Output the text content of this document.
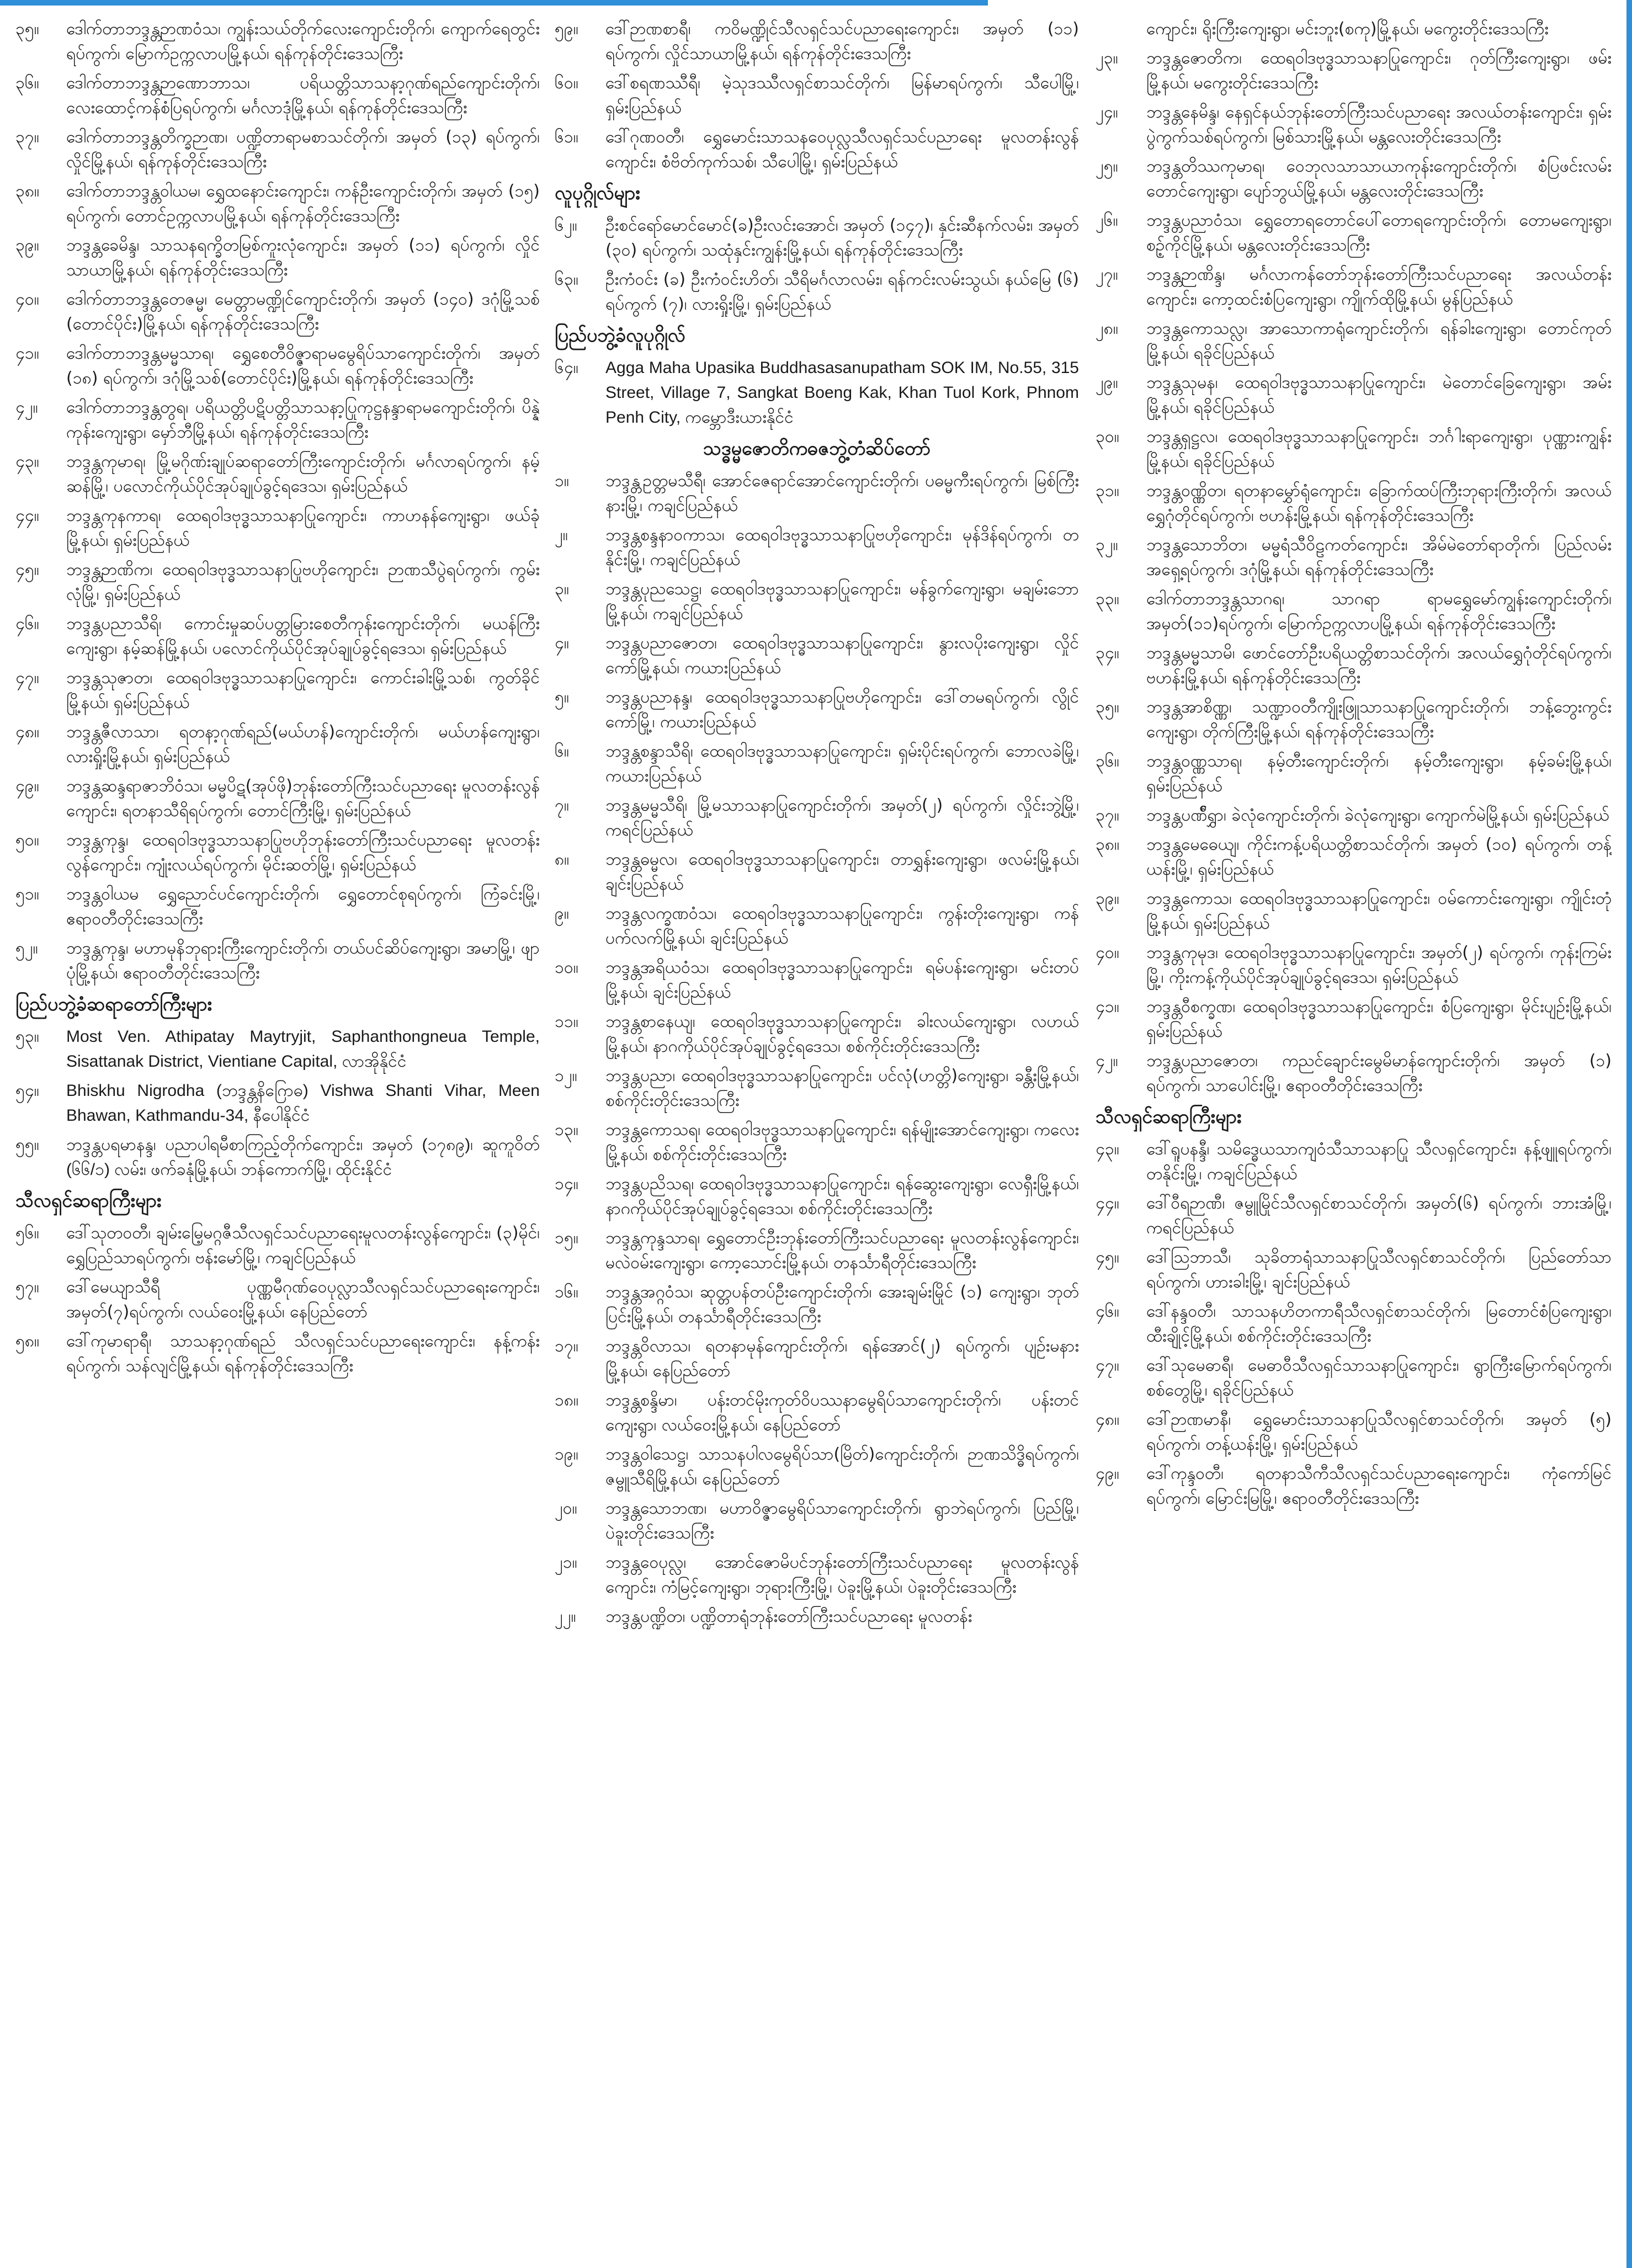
၃၅။	ဒေါက်တာဘဒ္ဒန္တဉာဏဝံသ၊ ကျွန်းသယ်တိုက်လေးကျောင်းတိုက်၊ ကျောက်ရေတွင်းရပ်ကွက်၊ မြောက်ဥက္ကလာပမြို့နယ်၊ ရန်ကုန်တိုင်းဒေသကြီး
၃၆။	ဒေါက်တာဘဒ္ဒန္တဉာဏောဘာသ၊ ပရိယတ္တိသာသနာ့ဂုဏ်ရည်ကျောင်းတိုက်၊ လေးထောင့်ကန်စံပြရပ်ကွက်၊ မင်္ဂလာဒုံမြို့နယ်၊ ရန်ကုန်တိုင်းဒေသကြီး
၃၇။	ဒေါက်တာဘဒ္ဒန္တတိက္ခဉာဏ၊ ပဏ္ဍိတာရာမစာသင်တိုက်၊ အမှတ် (၁၃) ရပ်ကွက်၊ လှိုင်မြို့နယ်၊ ရန်ကုန်တိုင်းဒေသကြီး
၃၈။	ဒေါက်တာဘဒ္ဒန္တဝါယမ၊ ရွှေထနောင်းကျောင်း၊ ကန်ဦးကျောင်းတိုက်၊ အမှတ် (၁၅) ရပ်ကွက်၊ တောင်ဥက္ကလာပမြို့နယ်၊ ရန်ကုန်တိုင်းဒေသကြီး
၃၉။	ဘဒ္ဒန္တခေမိန္ဒ၊ သာသနရက္ခိတမြစ်ကူးလုံကျောင်း၊ အမှတ် (၁၁) ရပ်ကွက်၊ လှိုင်သာယာမြို့နယ်၊ ရန်ကုန်တိုင်းဒေသကြီး
၄၀။	ဒေါက်တာဘဒ္ဒန္တတေဇမ္မ၊ မေတ္တာမဏ္ဍိုင်ကျောင်းတိုက်၊ အမှတ် (၁၄၀) ဒဂုံမြို့သစ် (တောင်ပိုင်း)မြို့နယ်၊ ရန်ကုန်တိုင်းဒေသကြီး
၄၁။	ဒေါက်တာဘဒ္ဒန္တမမ္မသာရ၊ ရွှေစေတီဝိဇ္ဇာရာမမွေရိပ်သာကျောင်းတိုက်၊ အမှတ် (၁၈) ရပ်ကွက်၊ ဒဂုံမြို့သစ်(တောင်ပိုင်း)မြို့နယ်၊ ရန်ကုန်တိုင်းဒေသကြီး
၄၂။	ဒေါက်တာဘဒ္ဒန္တတွရ၊ ပရိယတ္တိပဋိပတ္တိသာသနာ့ပြုကုဋ္ဌနန္ဒာရာမကျောင်းတိုက်၊ ပိန္နဲကုန်းကျေးရွာ၊ မှော်ဘီမြို့နယ်၊ ရန်ကုန်တိုင်းဒေသကြီး
၄၃။	ဘဒ္ဒန္တကုမာရ၊ မြို့မဂိုဏ်းချုပ်ဆရာတော်ကြီးကျောင်းတိုက်၊ မင်္ဂလာရပ်ကွက်၊ နမ့်ဆန်မြို့၊ ပလောင်ကိုယ်ပိုင်အုပ်ချုပ်ခွင့်ရဒေသ၊ ရှမ်းပြည်နယ်
၄၄။	ဘဒ္ဒန္တကုနကာရ၊ ထေရဝါဒဗုဒ္ဓသာသနာပြုကျောင်း၊ ကာဟနန်ကျေးရွာ၊ ဖယ်ခုံမြို့နယ်၊ ရှမ်းပြည်နယ်
၄၅။	ဘဒ္ဒန္တဉာဏိက၊ ထေရဝါဒဗုဒ္ဓသာသနာပြုဗဟိုကျောင်း၊ ဉာဏသီပွဲရပ်ကွက်၊ ကွမ်းလုံမြို့၊ ရှမ်းပြည်နယ်
၄၆။	ဘဒ္ဒန္တပညာသီရိ၊ ကောင်းမှုဆပ်ပတ္တမြားစေတီကုန်းကျောင်းတိုက်၊ မယန်ကြီးကျေးရွာ၊ နမ့်ဆန်မြို့နယ်၊ ပလောင်ကိုယ်ပိုင်အုပ်ချုပ်ခွင့်ရဒေသ၊ ရှမ်းပြည်နယ်
၄၇။	ဘဒ္ဒန္တသုဇာတ၊ ထေရဝါဒဗုဒ္ဓသာသနာပြုကျောင်း၊ ကောင်းခါးမြို့သစ်၊ ကွတ်ခိုင်မြို့နယ်၊ ရှမ်းပြည်နယ်
၄၈။	ဘဒ္ဒန္တဇီလာသာ၊ ရတနာ့ဂုဏ်ရည်(မယ်ဟန်)ကျောင်းတိုက်၊ မယ်ဟန်ကျေးရွာ၊ လားရှိုးမြို့နယ်၊ ရှမ်းပြည်နယ်
၄၉။	ဘဒ္ဒန္တဆန္ဒရာဇာဘိဝံသ၊ မမ္မပိဋ(အုပ်ဖို)ဘုန်းတော်ကြီးသင်ပညာရေး မူလတန်းလွန်ကျောင်း၊ ရတနာသီရိရပ်ကွက်၊ တောင်ကြီးမြို့၊ ရှမ်းပြည်နယ်
၅၀။	ဘဒ္ဒန္တကုန္ဒ၊ ထေရဝါဒဗုဒ္ဓသာသနာပြုဗဟိုဘုန်းတော်ကြီးသင်ပညာရေး မူလတန်းလွန်ကျောင်း၊ ကျုံးလယ်ရပ်ကွက်၊ မိုင်းဆတ်မြို့၊ ရှမ်းပြည်နယ်
၅၁။	ဘဒ္ဒန္တဝါယမ ရွှေညောင်ပင်ကျောင်းတိုက်၊ ရွှေတောင်စုရပ်ကွက်၊ ကြံခင်းမြို့၊ ဧရာဝတီတိုင်းဒေသကြီး
၅၂။	ဘဒ္ဒန္တကုန္ဒ၊ မဟာမုနိဘုရားကြီးကျောင်းတိုက်၊ တယ်ပင်ဆိပ်ကျေးရွာ၊ အမာမြို့၊ ဖျာပုံမြို့နယ်၊ ဧရာဝတီတိုင်းဒေသကြီး
ပြည်ပဘွဲ့ခံဆရာတော်ကြီးများ
၅၃။	Most Ven. Athipatay Maytryjit, Saphanthongneua Temple, Sisattanak District, Vientiane Capital, လာအိုနိုင်ငံ
၅၄။	Bhiskhu Nigrodha (ဘဒ္ဒန္တနိဂြောဓ) Vishwa Shanti Vihar, Meen Bhawan, Kathmandu-34, နီပေါနိုင်ငံ
၅၅။	ဘဒ္ဒန္တပရမာနန္ဒ၊ ပညာပါရမီစာကြည့်တိုက်ကျောင်း၊ အမှတ် (၁၇၈၉)၊ ဆူကူဝိတ် (၆၆/၁) လမ်း၊ ဖက်ခနုံမြို့နယ်၊ ဘန်ကောက်မြို့၊ ထိုင်းနိုင်ငံ
သီလရှင်ဆရာကြီးများ
၅၆။	ဒေါ်သုတဝတီ၊ ချမ်းမြေ့မဂ္ဂဇီသီလရှင်သင်ပညာရေးမူလတန်းလွန်ကျောင်း၊ (၃)မိုင်၊ ရွှေပြည်သာရပ်ကွက်၊ ဗန်းမော်မြို့၊ ကချင်ပြည်နယ်
၅၇။	ဒေါ်မေယျာသီရီ ပုဏ္ဏမီဂုဏ်ဝေပုလ္လာသီလရှင်သင်ပညာရေးကျောင်း၊ အမှတ်(၇)ရပ်ကွက်၊ လယ်ဝေးမြို့နယ်၊ နေပြည်တော်
၅၈။	ဒေါ်ကုမာရာရီ၊ သာသနာ့ဂုဏ်ရည် သီလရှင်သင်ပညာရေးကျောင်း၊ နန့်ကန်းရပ်ကွက်၊ သန်လျင်မြို့နယ်၊ ရန်ကုန်တိုင်းဒေသကြီး
၅၉။	ဒေါ်ဉာဏစာရီ၊ ကဝိမဏ္ဍိုင်သီလရှင်သင်ပညာရေးကျောင်း၊ အမှတ် (၁၁) ရပ်ကွက်၊ လှိုင်သာယာမြို့နယ်၊ ရန်ကုန်တိုင်းဒေသကြီး
၆၀။	ဒေါ်စရဏဿီရီ၊ မဲ့သုဒဿီလရှင်စာသင်တိုက်၊ မြန်မာရပ်ကွက်၊ သီပေါမြို့၊ ရှမ်းပြည်နယ်
၆၁။	ဒေါ်ဂုဏဝတီ၊ ရွှေမောင်းသာသနဝေပုလ္လသီလရှင်သင်ပညာရေး မူလတန်းလွန်ကျောင်း၊ စံဗိတ်ကုက်သစ်၊ သီပေါမြို့၊ ရှမ်းပြည်နယ်
လူပုဂ္ဂိုလ်များ
၆၂။	ဦးစင်ရော်မောင်မောင်(ခ)ဦးလင်းအောင်၊ အမှတ် (၁၄၇)၊ နှင်းဆီနက်လမ်း၊ အမှတ် (၃၀) ရပ်ကွက်၊ သထုံနှင်းကျွန်းမြို့နယ်၊ ရန်ကုန်တိုင်းဒေသကြီး
၆၃။	ဦးကံဝင်း (ခ) ဦးကံဝင်းဟိတ်၊ သီရိမင်္ဂလာလမ်း၊ ရန်ကင်းလမ်းသွယ်၊ နယ်မြေ (၆) ရပ်ကွက် (၇)၊ လားရှိုးမြို့၊ ရှမ်းပြည်နယ်
ပြည်ပဘွဲ့ခံလူပုဂ္ဂိုလ်
၆၄။	Agga Maha Upasika Buddhasasanupatham SOK IM, No.55, 315 Street, Village 7, Sangkat Boeng Kak, Khan Tuol Kork, Phnom Penh City, ကမ္ဘောဒီးယားနိုင်ငံ
သဒ္ဓမ္မဇောတိကဓဇဘွဲ့တံဆိပ်တော်
၁။	ဘဒ္ဒန္တဥတ္တမသီရီ၊ အောင်ဇေရာင်အောင်ကျောင်းတိုက်၊ ပဓမ္မကီးရပ်ကွက်၊ မြစ်ကြီးနားမြို့၊ ကချင်ပြည်နယ်
၂။	ဘဒ္ဒန္တစန္ဒနာဝကာသ၊ ထေရဝါဒဗုဒ္ဓသာသနာပြုဗဟိုကျောင်း၊ မုန်ဒိန်ရပ်ကွက်၊ တနိုင်းမြို့၊ ကချင်ပြည်နယ်
၃။	ဘဒ္ဒန္တပုညသေဋ္ဌ၊ ထေရဝါဒဗုဒ္ဓသာသနာပြုကျောင်း၊ မန်ခွက်ကျေးရွာ၊ မချမ်းဘောမြို့နယ်၊ ကချင်ပြည်နယ်
၄။	ဘဒ္ဒန္တပညာဇောတ၊ ထေရဝါဒဗုဒ္ဓသာသနာပြုကျောင်း၊ နွားလပိုးကျေးရွာ၊ လှိုင်ကော်မြို့နယ်၊ ကယားပြည်နယ်
၅။	ဘဒ္ဒန္တပညာနန္ဒ၊ ထေရဝါဒဗုဒ္ဓသာသနာပြုဗဟိုကျောင်း၊ ဒေါ်တမရပ်ကွက်၊ လွိုင်ကော်မြို့၊ ကယားပြည်နယ်
၆။	ဘဒ္ဒန္တစန္ဒာသီရိ၊ ထေရဝါဒဗုဒ္ဓသာသနာပြုကျောင်း၊ ရှမ်းပိုင်းရပ်ကွက်၊ ဘောလခဲမြို့၊ ကယားပြည်နယ်
၇။	ဘဒ္ဒန္တမမ္မသီရိ၊ မြို့မသာသနာပြုကျောင်းတိုက်၊ အမှတ်(၂) ရပ်ကွက်၊ လှိုင်းဘွဲ့မြို့၊ ကရင်ပြည်နယ်
၈။	ဘဒ္ဒန္တဓမ္မလ၊ ထေရဝါဒဗုဒ္ဓသာသနာပြုကျောင်း၊ တာရွှန်းကျေးရွာ၊ ဖလမ်းမြို့နယ်၊ ချင်းပြည်နယ်
၉။	ဘဒ္ဒန္တလက္ခဏဝံသ၊ ထေရဝါဒဗုဒ္ဓသာသနာပြုကျောင်း၊ ကွန်းတိုးကျေးရွာ၊ ကန်ပက်လက်မြို့နယ်၊ ချင်းပြည်နယ်
၁၀။	ဘဒ္ဒန္တအရိယဝံသ၊ ထေရဝါဒဗုဒ္ဓသာသနာပြုကျောင်း၊ ရမ်ပန်းကျေးရွာ၊ မင်းတပ်မြို့နယ်၊ ချင်းပြည်နယ်
၁၁။	ဘဒ္ဒန္တစာနေယျ၊ ထေရဝါဒဗုဒ္ဓသာသနာပြုကျောင်း၊ ခါးလယ်ကျေးရွာ၊ လဟယ်မြို့နယ်၊ နာဂကိုယ်ပိုင်အုပ်ချုပ်ခွင့်ရဒေသ၊ စစ်ကိုင်းတိုင်းဒေသကြီး
၁၂။	ဘဒ္ဒန္တပညာ၊ ထေရဝါဒဗုဒ္ဓသာသနာပြုကျောင်း၊ ပင်လုံ(ဟတ္တိ)ကျေးရွာ၊ ခန္တီးမြို့နယ်၊ စစ်ကိုင်းတိုင်းဒေသကြီး
၁၃။	ဘဒ္ဒန္တကောသရ၊ ထေရဝါဒဗုဒ္ဓသာသနာပြုကျောင်း၊ ရန်မျိုးအောင်ကျေးရွာ၊ ကလေးမြို့နယ်၊ စစ်ကိုင်းတိုင်းဒေသကြီး
၁၄။	ဘဒ္ဒန္တပညိသရ၊ ထေရဝါဒဗုဒ္ဓသာသနာပြုကျောင်း၊ ရန်ဆွေးကျေးရွာ၊ လေရှီးမြို့နယ်၊ နာဂကိုယ်ပိုင်အုပ်ချုပ်ခွင့်ရဒေသ၊ စစ်ကိုင်းတိုင်းဒေသကြီး
၁၅။	ဘဒ္ဒန္တကုန္ဒသာရ၊ ရွှေတောင်ဦးဘုန်းတော်ကြီးသင်ပညာရေး မူလတန်းလွန်ကျောင်း၊ မလဲဝမ်းကျေးရွာ၊ ကော့သောင်းမြို့နယ်၊ တနင်္သာရီတိုင်းဒေသကြီး
၁၆။	ဘဒ္ဒန္တအဂ္ဂဝံသ၊ ဆုတ္တပန်တပ်ဦးကျောင်းတိုက်၊ အေးချမ်းမြိုင် (၁) ကျေးရွာ၊ ဘုတ်ပြင်းမြို့နယ်၊ တနင်္သာရီတိုင်းဒေသကြီး
၁၇။	ဘဒ္ဒန္တဝိလာသ၊ ရတနာမုန်ကျောင်းတိုက်၊ ရန်အောင်(၂) ရပ်ကွက်၊ ပျဉ်းမနားမြို့နယ်၊ နေပြည်တော်
၁၈။	ဘဒ္ဒန္တစန္ဒိမာ၊ ပန်းတင်မိုးကုတ်ဝိပဿနာမွေရိပ်သာကျောင်းတိုက်၊ ပန်းတင်ကျေးရွာ၊ လယ်ဝေးမြို့နယ်၊ နေပြည်တော်
၁၉။	ဘဒ္ဒန္တဝါသေဋ္ဌ၊ သာသနပါလမွေရိပ်သာ(မြိတ်)ကျောင်းတိုက်၊ ဉာဏသိဒ္ဓိရပ်ကွက်၊ ဇမ္ဗူသီရိမြို့နယ်၊ နေပြည်တော်
၂၀။	ဘဒ္ဒန္တသောဘဏ၊ မဟာဝိဇ္ဇာမွေရိပ်သာကျောင်းတိုက်၊ ရွာဘဲရပ်ကွက်၊ ပြည်မြို့၊ ပဲခူးတိုင်းဒေသကြီး
၂၁။	ဘဒ္ဒန္တဝေပုလ္လ၊ အောင်ဇောမိပင်ဘုန်းတော်ကြီးသင်ပညာရေး မူလတန်းလွန်ကျောင်း၊ ကံမြင့်ကျေးရွာ၊ ဘုရားကြီးမြို့၊ ပဲခူးမြို့နယ်၊ ပဲခူးတိုင်းဒေသကြီး
၂၂။	ဘဒ္ဒန္တပဏ္ဍိတ၊ ပဏ္ဍိတာရုံဘုန်းတော်ကြီးသင်ပညာရေး မူလတန်း
ကျောင်း၊ ရိုးကြီးကျေးရွာ၊ မင်းဘူး(စကု)မြို့နယ်၊ မကွေးတိုင်းဒေသကြီး
၂၃။	ဘဒ္ဒန္တဇောတိက၊ ထေရဝါဒဗုဒ္ဓသာသနာပြုကျောင်း၊ ဂုတ်ကြီးကျေးရွာ၊ ဖမ်းမြို့နယ်၊ မကွေးတိုင်းဒေသကြီး
၂၄။	ဘဒ္ဒန္တနေမိန္ဒ၊ နေရှင်နယ်ဘုန်းတော်ကြီးသင်ပညာရေး အလယ်တန်းကျောင်း၊ ရှမ်းပွဲကွက်သစ်ရပ်ကွက်၊ မြစ်သားမြို့နယ်၊ မန္တလေးတိုင်းဒေသကြီး
၂၅။	ဘဒ္ဒန္တတိဿကုမာရ၊ ဝေဘုလသာသာယာကုန်းကျောင်းတိုက်၊ စံပြဖင်းလမ်းတောင်ကျေးရွာ၊ ပျော်ဘွယ်မြို့နယ်၊ မန္တလေးတိုင်းဒေသကြီး
၂၆။	ဘဒ္ဒန္တပညာဝံသ၊ ရွှေတောရတောင်ပေါ်တောရကျောင်းတိုက်၊ တောမကျေးရွာ၊ စဉ့်ကိုင်မြို့နယ်၊ မန္တလေးတိုင်းဒေသကြီး
၂၇။	ဘဒ္ဒန္တဉာဏိန္ဒ၊ မင်္ဂလာကန်တော်ဘုန်းတော်ကြီးသင်ပညာရေး အလယ်တန်းကျောင်း၊ ကော့ထင်းစံပြကျေးရွာ၊ ကျိုက်ထိုမြို့နယ်၊ မွန်ပြည်နယ်
၂၈။	ဘဒ္ဒန္တကောသလ္လ၊ အာသောကာရုံကျောင်းတိုက်၊ ရန်ခါးကျေးရွာ၊ တောင်ကုတ်မြို့နယ်၊ ရခိုင်ပြည်နယ်
၂၉။	ဘဒ္ဒန္တသုမန၊ ထေရဝါဒဗုဒ္ဓသာသနာပြုကျောင်း၊ မဲတောင်ခြေကျေးရွာ၊ အမ်းမြို့နယ်၊ ရခိုင်ပြည်နယ်
၃၀။	ဘဒ္ဒန္တရှဋ္ဌလ၊ ထေရဝါဒဗုဒ္ဓသာသနာပြုကျောင်း၊ ဘင်္ဂါးရာကျေးရွာ၊ ပုဏ္ဏားကျွန်းမြို့နယ်၊ ရခိုင်ပြည်နယ်
၃၁။	ဘဒ္ဒန္တဝဏ္ဏိတ၊ ရတနာမွှော်ရုံကျောင်း၊ ခြောက်ထပ်ကြီးဘုရားကြီးတိုက်၊ အလယ်ရွှေဂုံတိုင်ရပ်ကွက်၊ ဗဟန်းမြို့နယ်၊ ရန်ကုန်တိုင်းဒေသကြီး
၃၂။	ဘဒ္ဒန္တသောဘိတ၊ မမ္မရံသီဝိဠကတ်ကျောင်း၊ အိမ်မဲတော်ရာတိုက်၊ ပြည်လမ်းအရှေ့ရပ်ကွက်၊ ဒဂုံမြို့နယ်၊ ရန်ကုန်တိုင်းဒေသကြီး
၃၃။	ဒေါက်တာဘဒ္ဒန္တသာဂရ၊ သာဂရာ ရာမရွှေမော်ကျွန်းကျောင်းတိုက်၊ အမှတ်(၁၁)ရပ်ကွက်၊ မြောက်ဥက္ကလာပမြို့နယ်၊ ရန်ကုန်တိုင်းဒေသကြီး
၃၄။	ဘဒ္ဒန္တမမ္မသာမိ၊ ဖောင်တော်ဦးပရိယတ္တိစာသင်တိုက်၊ အလယ်ရွှေဂုံတိုင်ရပ်ကွက်၊ ဗဟန်းမြို့နယ်၊ ရန်ကုန်တိုင်းဒေသကြီး
၃၅။	ဘဒ္ဒန္တအာစိဏ္ဏ၊ သဏ္ဍာဝတီကျိုးဖြူသာသနာပြုကျောင်းတိုက်၊ ဘန့်ဘွေးကွင်းကျေးရွာ၊ တိုက်ကြီးမြို့နယ်၊ ရန်ကုန်တိုင်းဒေသကြီး
၃၆။	ဘဒ္ဒန္တဝဏ္ဏသာရ၊ နမ့်တီးကျောင်းတိုက်၊ နမ့်တီးကျေးရွာ၊ နမ့်ခမ်းမြို့နယ်၊ ရှမ်းပြည်နယ်
၃၇။	ဘဒ္ဒန္တပဏ်ီရွှာ၊ ခဲလုံကျောင်းတိုက်၊ ခဲလုံကျေးရွာ၊ ကျောက်မဲမြို့နယ်၊ ရှမ်းပြည်နယ်
၃၈။	ဘဒ္ဒန္တမေဓေယျ၊ ကိုင်းကန့်ပရိယတ္တိစာသင်တိုက်၊ အမှတ် (၁၀) ရပ်ကွက်၊ တန့်ယန်းမြို့၊ ရှမ်းပြည်နယ်
၃၉။	ဘဒ္ဒန္တကောသ၊ ထေရဝါဒဗုဒ္ဓသာသနာပြုကျောင်း၊ ဝမ်ကောင်းကျေးရွာ၊ ကျိုင်းတုံမြို့နယ်၊ ရှမ်းပြည်နယ်
၄၀။	ဘဒ္ဒန္တကုမုဒ၊ ထေရဝါဒဗုဒ္ဓသာသနာပြုကျောင်း၊ အမှတ်(၂) ရပ်ကွက်၊ ကုန်းကြမ်းမြို့၊ ကိုးကန့်ကိုယ်ပိုင်အုပ်ချုပ်ခွင့်ရဒေသ၊ ရှမ်းပြည်နယ်
၄၁။	ဘဒ္ဒန္တဝီစက္ခဏ၊ ထေရဝါဒဗုဒ္ဓသာသနာပြုကျောင်း၊ စံပြကျေးရွာ၊ မိုင်းပျဉ်းမြို့နယ်၊ ရှမ်းပြည်နယ်
၄၂။	ဘဒ္ဒန္တပညာဇောတ၊ ကညင်ချောင်းမွေမိမာန်ကျောင်းတိုက်၊ အမှတ် (၁) ရပ်ကွက်၊ သာပေါင်းမြို့၊ ဧရာဝတီတိုင်းဒေသကြီး
သီလရှင်ဆရာကြီးများ
၄၃။	ဒေါ်ရူပနန္ဒီ၊ သမိဒ္ဓေယသာကျ၀ံသီသာသနာပြု သီလရှင်ကျောင်း၊ နန့်ဖျူရပ်ကွက်၊ တနိုင်းမြို့၊ ကချင်ပြည်နယ်
၄၄။	ဒေါ်ဝီရဉာဏီ၊ ဇမ္ဗူမြိုင်သီလရှင်စာသင်တိုက်၊ အမှတ်(၆) ရပ်ကွက်၊ ဘားအံမြို့၊ ကရင်ပြည်နယ်
၄၅။	ဒေါ်သြဘာသီ၊ သုခိတာရုံသာသနာပြုသီလရှင်စာသင်တိုက်၊ ပြည်တော်သာရပ်ကွက်၊ ဟားခါးမြို့၊ ချင်းပြည်နယ်
၄၆။	ဒေါ်နန္ဒဝတီ၊ သာသနဟိတကာရီသီလရှင်စာသင်တိုက်၊ မြတောင်စံပြကျေးရွာ၊ ထီးချိုင့်မြို့နယ်၊ စစ်ကိုင်းတိုင်းဒေသကြီး
၄၇။	ဒေါ်သုမေဓာရီ၊ မေဓာဝီသီလရှင်သာသနာပြုကျောင်း၊ ရွာကြီးမြောက်ရပ်ကွက်၊ စစ်တွေမြို့၊ ရခိုင်ပြည်နယ်
၄၈။	ဒေါ်ဉာဏမာနီ၊ ရွှေမောင်းသာသနာပြုသီလရှင်စာသင်တိုက်၊ အမှတ် (၅) ရပ်ကွက်၊ တန့်ယန်းမြို့၊ ရှမ်းပြည်နယ်
၄၉။	ဒေါ်ကုန္ဒဝတီ၊ ရတနာသီကီသီလရှင်သင်ပညာရေးကျောင်း၊ ကုံကော်မြင်ရပ်ကွက်၊ မြောင်းမြမြို့၊ ဧရာဝတီတိုင်းဒေသကြီး
